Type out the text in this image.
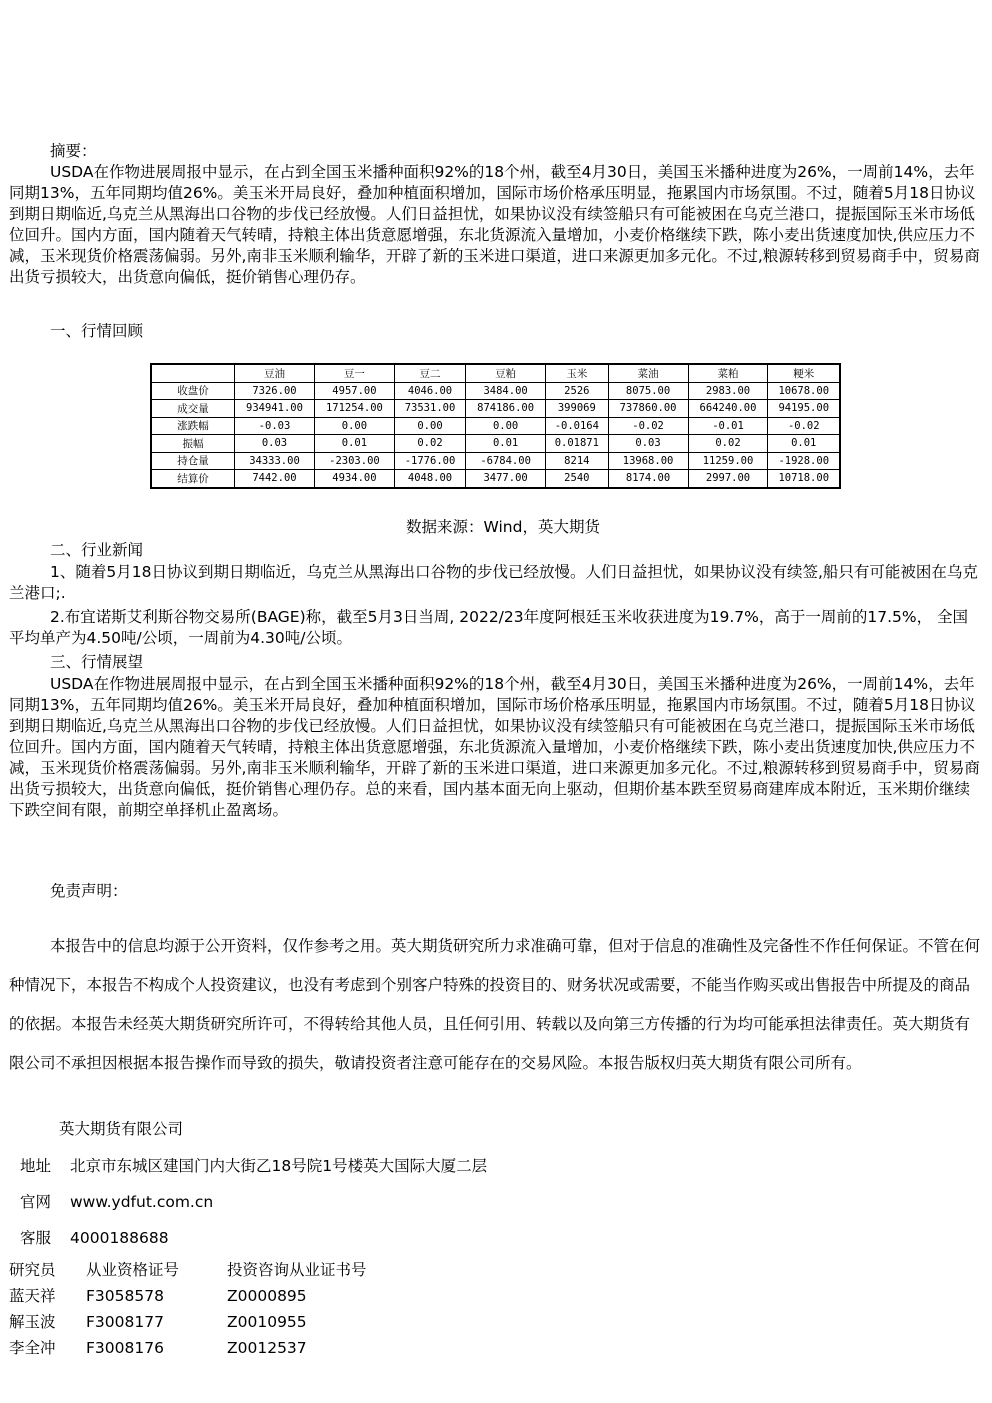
摘要：
USDA在作物进展周报中显示，在占到全国玉米播种面积92%的18个州，截至4月30日，美国玉米播种进度为26%，一周前14%，去年同期13%，五年同期均值26%。美玉米开局良好，叠加种植面积增加，国际市场价格承压明显，拖累国内市场氛围。不过，随着5月18日协议到期日期临近,乌克兰从黑海出口谷物的步伐已经放慢。人们日益担忧，如果协议没有续签船只有可能被困在乌克兰港口，提振国际玉米市场低位回升。国内方面，国内随着天气转晴，持粮主体出货意愿增强，东北货源流入量增加，小麦价格继续下跌，陈小麦出货速度加快,供应压力不减，玉米现货价格震荡偏弱。另外,南非玉米顺利输华，开辟了新的玉米进口渠道，进口来源更加多元化。不过,粮源转移到贸易商手中，贸易商出货亏损较大，出货意向偏低，挺价销售心理仍存。
一、行情回顾
	豆油	豆一	豆二	豆粕	玉米	菜油	菜粕	粳米
收盘价	7326.00	4957.00	4046.00	3484.00	2526	8075.00	2983.00	10678.00
成交量	934941.00	171254.00	73531.00	874186.00	399069	737860.00	664240.00	94195.00
涨跌幅	-0.03	0.00	0.00	0.00	-0.0164	-0.02	-0.01	-0.02
振幅	0.03	0.01	0.02	0.01	0.01871	0.03	0.02	0.01
持仓量	34333.00	-2303.00	-1776.00	-6784.00	8214	13968.00	11259.00	-1928.00
结算价	7442.00	4934.00	4048.00	3477.00	2540	8174.00	2997.00	10718.00
数据来源：Wind，英大期货
二、行业新闻
1、随着5月18日协议到期日期临近，乌克兰从黑海出口谷物的步伐已经放慢。人们日益担忧，如果协议没有续签,船只有可能被困在乌克兰港口;.
2.布宜诺斯艾利斯谷物交易所(BAGE)称，截至5月3日当周, 2022/23年度阿根廷玉米收获进度为19.7%，高于一周前的17.5%， 全国平均单产为4.50吨/公顷，一周前为4.30吨/公顷。
三、行情展望
USDA在作物进展周报中显示，在占到全国玉米播种面积92%的18个州，截至4月30日，美国玉米播种进度为26%，一周前14%，去年同期13%，五年同期均值26%。美玉米开局良好，叠加种植面积增加，国际市场价格承压明显，拖累国内市场氛围。不过，随着5月18日协议到期日期临近,乌克兰从黑海出口谷物的步伐已经放慢。人们日益担忧，如果协议没有续签船只有可能被困在乌克兰港口，提振国际玉米市场低位回升。国内方面，国内随着天气转晴，持粮主体出货意愿增强，东北货源流入量增加，小麦价格继续下跌，陈小麦出货速度加快,供应压力不减，玉米现货价格震荡偏弱。另外,南非玉米顺利输华，开辟了新的玉米进口渠道，进口来源更加多元化。不过,粮源转移到贸易商手中，贸易商出货亏损较大，出货意向偏低，挺价销售心理仍存。总的来看，国内基本面无向上驱动，但期价基本跌至贸易商建库成本附近，玉米期价继续下跌空间有限，前期空单择机止盈离场。
免责声明：
本报告中的信息均源于公开资料，仅作参考之用。英大期货研究所力求准确可靠，但对于信息的准确性及完备性不作任何保证。不管在何种情况下，本报告不构成个人投资建议，也没有考虑到个别客户特殊的投资目的、财务状况或需要，不能当作购买或出售报告中所提及的商品的依据。本报告未经英大期货研究所许可，不得转给其他人员，且任何引用、转载以及向第三方传播的行为均可能承担法律责任。英大期货有限公司不承担因根据本报告操作而导致的损失，敬请投资者注意可能存在的交易风险。本报告版权归英大期货有限公司所有。
英大期货有限公司
地址 北京市东城区建国门内大街乙18号院1号楼英大国际大厦二层
官网 www.ydfut.com.cn
客服 4000188688
研究员 从业资格证号	投资咨询从业证书号
蓝天祥 F3058578	Z0000895
解玉波 F3008177	Z0010955
李全冲 F3008176	Z0012537
